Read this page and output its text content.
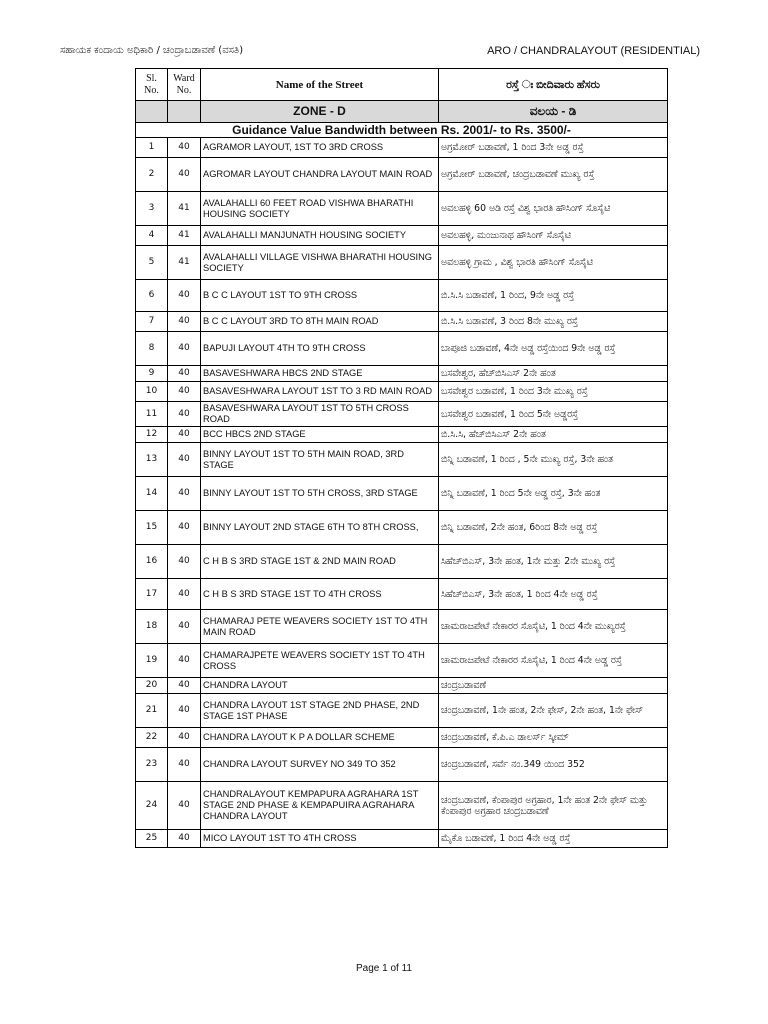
ಸಹಾಯಕ ಕಂದಾಯ ಅಧಿಕಾರಿ / ಚಂದ್ರಾಬಡಾವಣೆ (ವಸತಿ)	ARO / CHANDRALAYOUT (RESIDENTIAL)
Sl. No.	Ward No.	Name of the Street	ರಸ್ತೆ ಃ ಬೀದಿವಾರು ಹೆಸರು
		ZONE - D	ವಲಯ - ಡಿ
Guidance Value Bandwidth between Rs. 2001/- to Rs. 3500/-			
1	40	AGRAMOR LAYOUT, 1ST TO 3RD CROSS	ಅಗ್ರಮೋರ್ ಬಡಾವಣೆ, 1 ರಿಂದ 3ನೇ ಅಡ್ಡ ರಸ್ತೆ
2	40	AGROMAR LAYOUT CHANDRA LAYOUT MAIN ROAD	ಅಗ್ರಮೋರ್ ಬಡಾವಣೆ, ಚಂದ್ರಬಡಾವಣೆ ಮುಖ್ಯ ರಸ್ತೆ
3	41	AVALAHALLI 60 FEET ROAD VISHWA BHARATHI HOUSING SOCIETY	ಅವಲಹಳ್ಳಿ 60 ಅಡಿ ರಸ್ತೆ ವಿಶ್ವ ಭಾರತಿ ಹೌಸಿಂಗ್ ಸೊಸೈಟಿ
4	41	AVALAHALLI MANJUNATH HOUSING SOCIETY	ಅವಲಹಳ್ಳಿ, ಮಂಜುನಾಥ ಹೌಸಿಂಗ್ ಸೊಸೈಟಿ
5	41	AVALAHALLI VILLAGE VISHWA BHARATHI HOUSING SOCIETY	ಅವಲಹಳ್ಳಿ ಗ್ರಾಮ , ವಿಶ್ವ ಭಾರತಿ ಹೌಸಿಂಗ್ ಸೊಸೈಟಿ
6	40	B C C LAYOUT 1ST TO 9TH CROSS	ಬಿ.ಸಿ.ಸಿ ಬಡಾವಣೆ, 1 ರಿಂದ, 9ನೇ ಅಡ್ಡ ರಸ್ತೆ
7	40	B C C LAYOUT 3RD TO 8TH MAIN ROAD	ಬಿ.ಸಿ.ಸಿ ಬಡಾವಣೆ, 3 ರಿಂದ 8ನೇ ಮುಖ್ಯ ರಸ್ತೆ
8	40	BAPUJI LAYOUT 4TH TO 9TH CROSS	ಬಾಪೂಜಿ ಬಡಾವಣೆ, 4ನೇ ಅಡ್ಡ ರಸ್ತೆಯಿಂದ 9ನೇ ಅಡ್ಡ ರಸ್ತೆ
9	40	BASAVESHWARA HBCS 2ND STAGE	ಬಸವೇಶ್ವರ, ಹೆಚ್‌ಬಿಸಿಎಸ್ 2ನೇ ಹಂತ
10	40	BASAVESHWARA LAYOUT 1ST TO 3 RD MAIN ROAD	ಬಸವೇಶ್ವರ ಬಡಾವಣೆ, 1 ರಿಂದ 3ನೇ ಮುಖ್ಯ ರಸ್ತೆ
11	40	BASAVESHWARA LAYOUT 1ST TO 5TH CROSS ROAD	ಬಸವೇಶ್ವರ ಬಡಾವಣೆ, 1 ರಿಂದ 5ನೇ ಅಡ್ಡರಸ್ತೆ
12	40	BCC HBCS 2ND STAGE	ಬಿ.ಸಿ.ಸಿ, ಹೆಚ್‌ಬಿಸಿಎಸ್ 2ನೇ ಹಂತ
13	40	BINNY LAYOUT 1ST TO 5TH MAIN ROAD, 3RD STAGE	ಬಿನ್ನಿ ಬಡಾವಣೆ, 1 ರಿಂದ , 5ನೇ ಮುಖ್ಯ ರಸ್ತೆ, 3ನೇ ಹಂತ
14	40	BINNY LAYOUT 1ST TO 5TH CROSS, 3RD STAGE	ಬಿನ್ನಿ ಬಡಾವಣೆ, 1 ರಿಂದ 5ನೇ ಅಡ್ಡ ರಸ್ತೆ, 3ನೇ ಹಂತ
15	40	BINNY LAYOUT 2ND STAGE 6TH TO 8TH CROSS,	ಬಿನ್ನಿ ಬಡಾವಣೆ, 2ನೇ ಹಂತ, 6ರಿಂದ 8ನೇ ಅಡ್ಡ ರಸ್ತೆ
16	40	C H B S 3RD STAGE 1ST & 2ND MAIN ROAD	ಸಿಹೆಚ್‌ಬಿಎಸ್, 3ನೇ ಹಂತ, 1ನೇ ಮತ್ತು 2ನೇ ಮುಖ್ಯ ರಸ್ತೆ
17	40	C H B S 3RD STAGE 1ST TO 4TH CROSS	ಸಿಹೆಚ್‌ಬಿಎಸ್, 3ನೇ ಹಂತ, 1 ರಿಂದ 4ನೇ ಅಡ್ಡ ರಸ್ತೆ
18	40	CHAMARAJ PETE WEAVERS SOCIETY 1ST TO 4TH MAIN ROAD	ಚಾಮರಾಜಪೇಟೆ ನೇಕಾರರ ಸೊಸೈಟಿ, 1 ರಿಂದ 4ನೇ ಮುಖ್ಯರಸ್ತೆ
19	40	CHAMARAJPETE WEAVERS SOCIETY 1ST TO 4TH CROSS	ಚಾಮರಾಜಪೇಟೆ ನೇಕಾರರ ಸೊಸೈಟಿ, 1 ರಿಂದ 4ನೇ ಅಡ್ಡ ರಸ್ತೆ
20	40	CHANDRA LAYOUT	ಚಂದ್ರಬಡಾವಣೆ
21	40	CHANDRA LAYOUT 1ST STAGE 2ND PHASE, 2ND STAGE 1ST PHASE	ಚಂದ್ರಬಡಾವಣೆ, 1ನೇ ಹಂತ, 2ನೇ ಫೇಸ್, 2ನೇ ಹಂತ, 1ನೇ ಫೇಸ್
22	40	CHANDRA LAYOUT K P A DOLLAR SCHEME	ಚಂದ್ರಬಡಾವಣೆ, ಕೆ.ಪಿ.ಎ ಡಾಲರ್ಸ್ ಸ್ಕೀಮ್
23	40	CHANDRA LAYOUT SURVEY NO 349 TO 352	ಚಂದ್ರಬಡಾವಣೆ, ಸರ್ವೆ ನಂ.349 ಯಿಂದ 352
24	40	CHANDRALAYOUT KEMPAPURA AGRAHARA 1ST STAGE 2ND PHASE & KEMPAPUIRA AGRAHARA CHANDRA LAYOUT	ಚಂದ್ರಬಡಾವಣೆ, ಕೆಂಪಾಪುರ ಅಗ್ರಹಾರ, 1ನೇ ಹಂತ 2ನೇ ಫೇಸ್ ಮತ್ತು ಕೆಂಪಾಪುರ ಅಗ್ರಹಾರ ಚಂದ್ರಬಡಾವಣೆ
25	40	MICO LAYOUT 1ST TO 4TH CROSS	ಮೈಕೊ ಬಡಾವಣೆ, 1 ರಿಂದ 4ನೇ ಅಡ್ಡ ರಸ್ತೆ
Page 1 of 11
